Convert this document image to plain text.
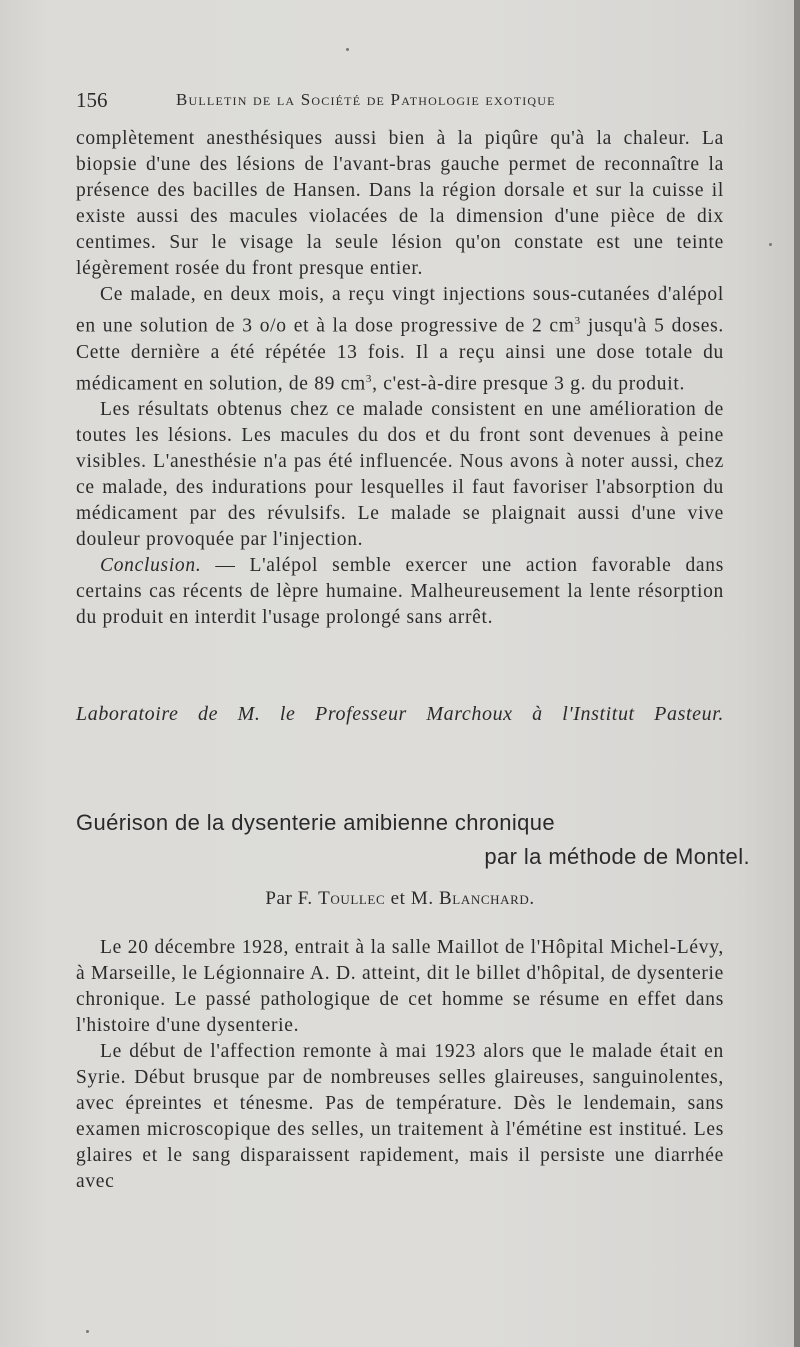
156	Bulletin de la Société de Pathologie exotique

complètement anesthésiques aussi bien à la piqûre qu'à la chaleur. La biopsie d'une des lésions de l'avant-bras gauche permet de reconnaître la présence des bacilles de Hansen. Dans la région dorsale et sur la cuisse il existe aussi des macules violacées de la dimension d'une pièce de dix centimes. Sur le visage la seule lésion qu'on constate est une teinte légèrement rosée du front presque entier.

Ce malade, en deux mois, a reçu vingt injections sous-cutanées d'alépol en une solution de 3 o/o et à la dose progressive de 2 $cm^3$ jusqu'à 5 doses. Cette dernière a été répétée 13 fois. Il a reçu ainsi une dose totale du médicament en solution, de 89 $cm^3$, c'est-à-dire presque 3 g. du produit.

Les résultats obtenus chez ce malade consistent en une amélioration de toutes les lésions. Les macules du dos et du front sont devenues à peine visibles. L'anesthésie n'a pas été influencée. Nous avons à noter aussi, chez ce malade, des indurations pour lesquelles il faut favoriser l'absorption du médicament par des révulsifs. Le malade se plaignait aussi d'une vive douleur provoquée par l'injection.

Conclusion. — L'alépol semble exercer une action favorable dans certains cas récents de lèpre humaine. Malheureusement la lente résorption du produit en interdit l'usage prolongé sans arrêt.

Laboratoire de M. le Professeur Marchoux à l'Institut Pasteur.
Guérison de la dysenterie amibienne chronique
par la méthode de Montel.
Par F. Toullec et M. Blanchard.

Le 20 décembre 1928, entrait à la salle Maillot de l'Hôpital Michel-Lévy, à Marseille, le Légionnaire A. D. atteint, dit le billet d'hôpital, de dysenterie chronique. Le passé pathologique de cet homme se résume en effet dans l'histoire d'une dysenterie.

Le début de l'affection remonte à mai 1923 alors que le malade était en Syrie. Début brusque par de nombreuses selles glaireuses, sanguinolentes, avec épreintes et ténesme. Pas de température. Dès le lendemain, sans examen microscopique des selles, un traitement à l'émétine est institué. Les glaires et le sang disparaissent rapidement, mais il persiste une diarrhée avec
